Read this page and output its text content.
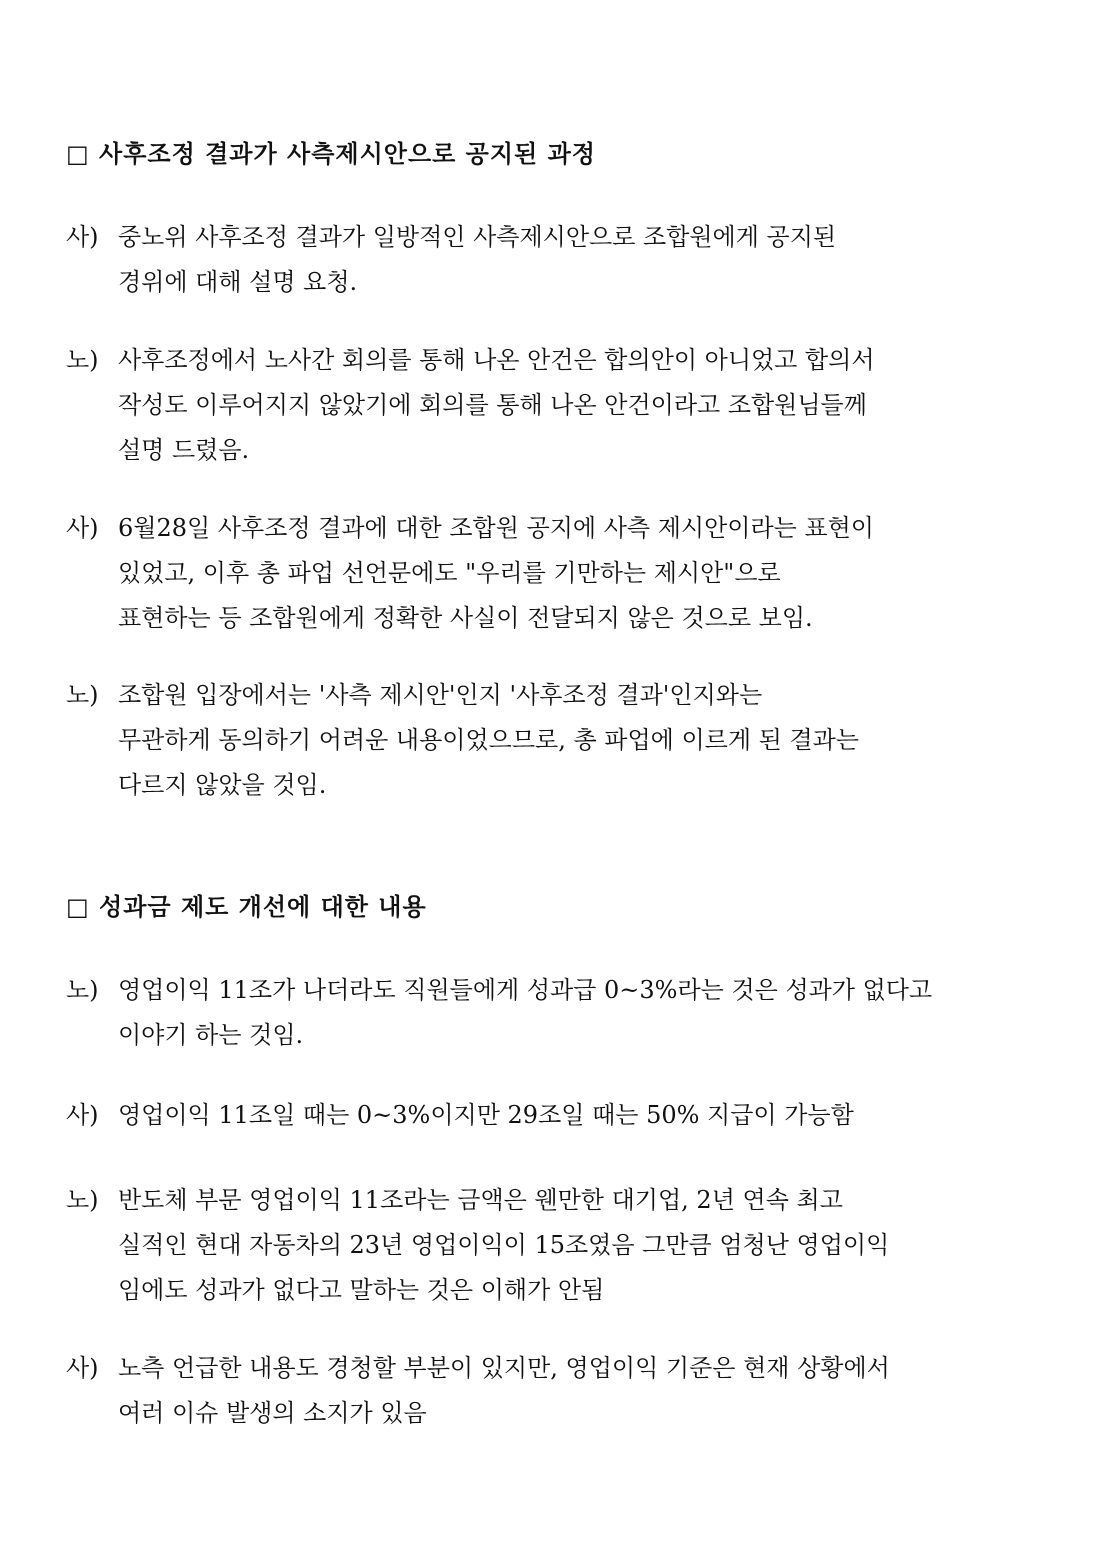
□ 사후조정 결과가 사측제시안으로 공지된 과정
사) 중노위 사후조정 결과가 일방적인 사측제시안으로 조합원에게 공지된
경위에 대해 설명 요청.
노) 사후조정에서 노사간 회의를 통해 나온 안건은 합의안이 아니었고 합의서
작성도 이루어지지 않았기에 회의를 통해 나온 안건이라고 조합원님들께
설명 드렸음.
사) 6월28일 사후조정 결과에 대한 조합원 공지에 사측 제시안이라는 표현이
있었고, 이후 총 파업 선언문에도 "우리를 기만하는 제시안"으로
표현하는 등 조합원에게 정확한 사실이 전달되지 않은 것으로 보임.
노) 조합원 입장에서는 '사측 제시안'인지 '사후조정 결과'인지와는
무관하게 동의하기 어려운 내용이었으므로, 총 파업에 이르게 된 결과는
다르지 않았을 것임.
□ 성과금 제도 개선에 대한 내용
노) 영업이익 11조가 나더라도 직원들에게 성과급 0~3%라는 것은 성과가 없다고
이야기 하는 것임.
사) 영업이익 11조일 때는 0~3%이지만 29조일 때는 50% 지급이 가능함
노) 반도체 부문 영업이익 11조라는 금액은 웬만한 대기업, 2년 연속 최고
실적인 현대 자동차의 23년 영업이익이 15조였음 그만큼 엄청난 영업이익
임에도 성과가 없다고 말하는 것은 이해가 안됨
사) 노측 언급한 내용도 경청할 부분이 있지만, 영업이익 기준은 현재 상황에서
여러 이슈 발생의 소지가 있음
